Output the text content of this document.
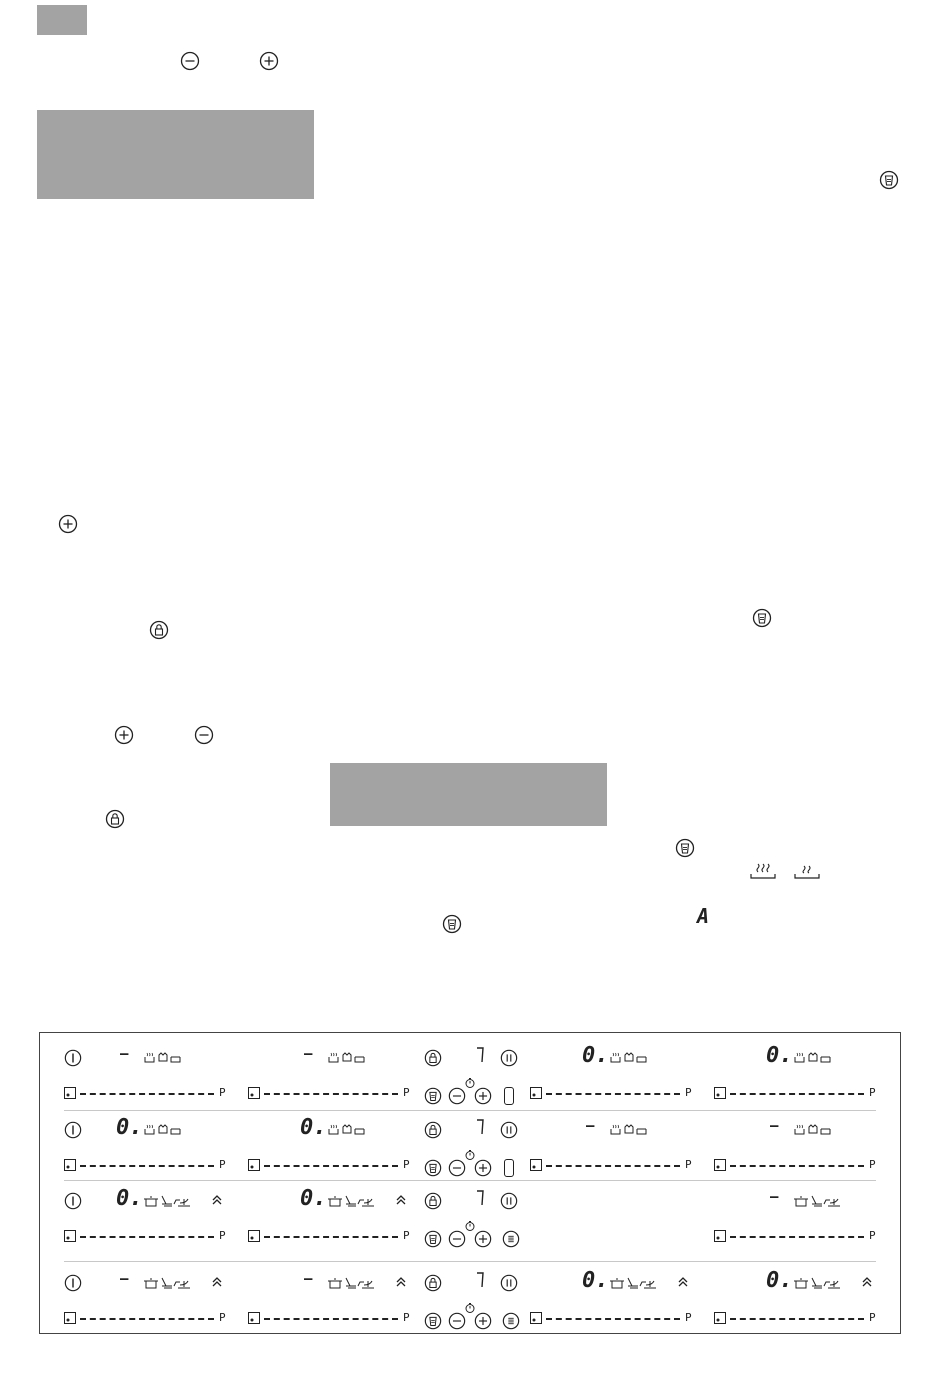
A
–
P
–
P
0.
P
0.
P
0.
P
0.
P
–
P
–
P
0.
P
0.
P
–
P
–
P
–
P
0.
P
0.
P
